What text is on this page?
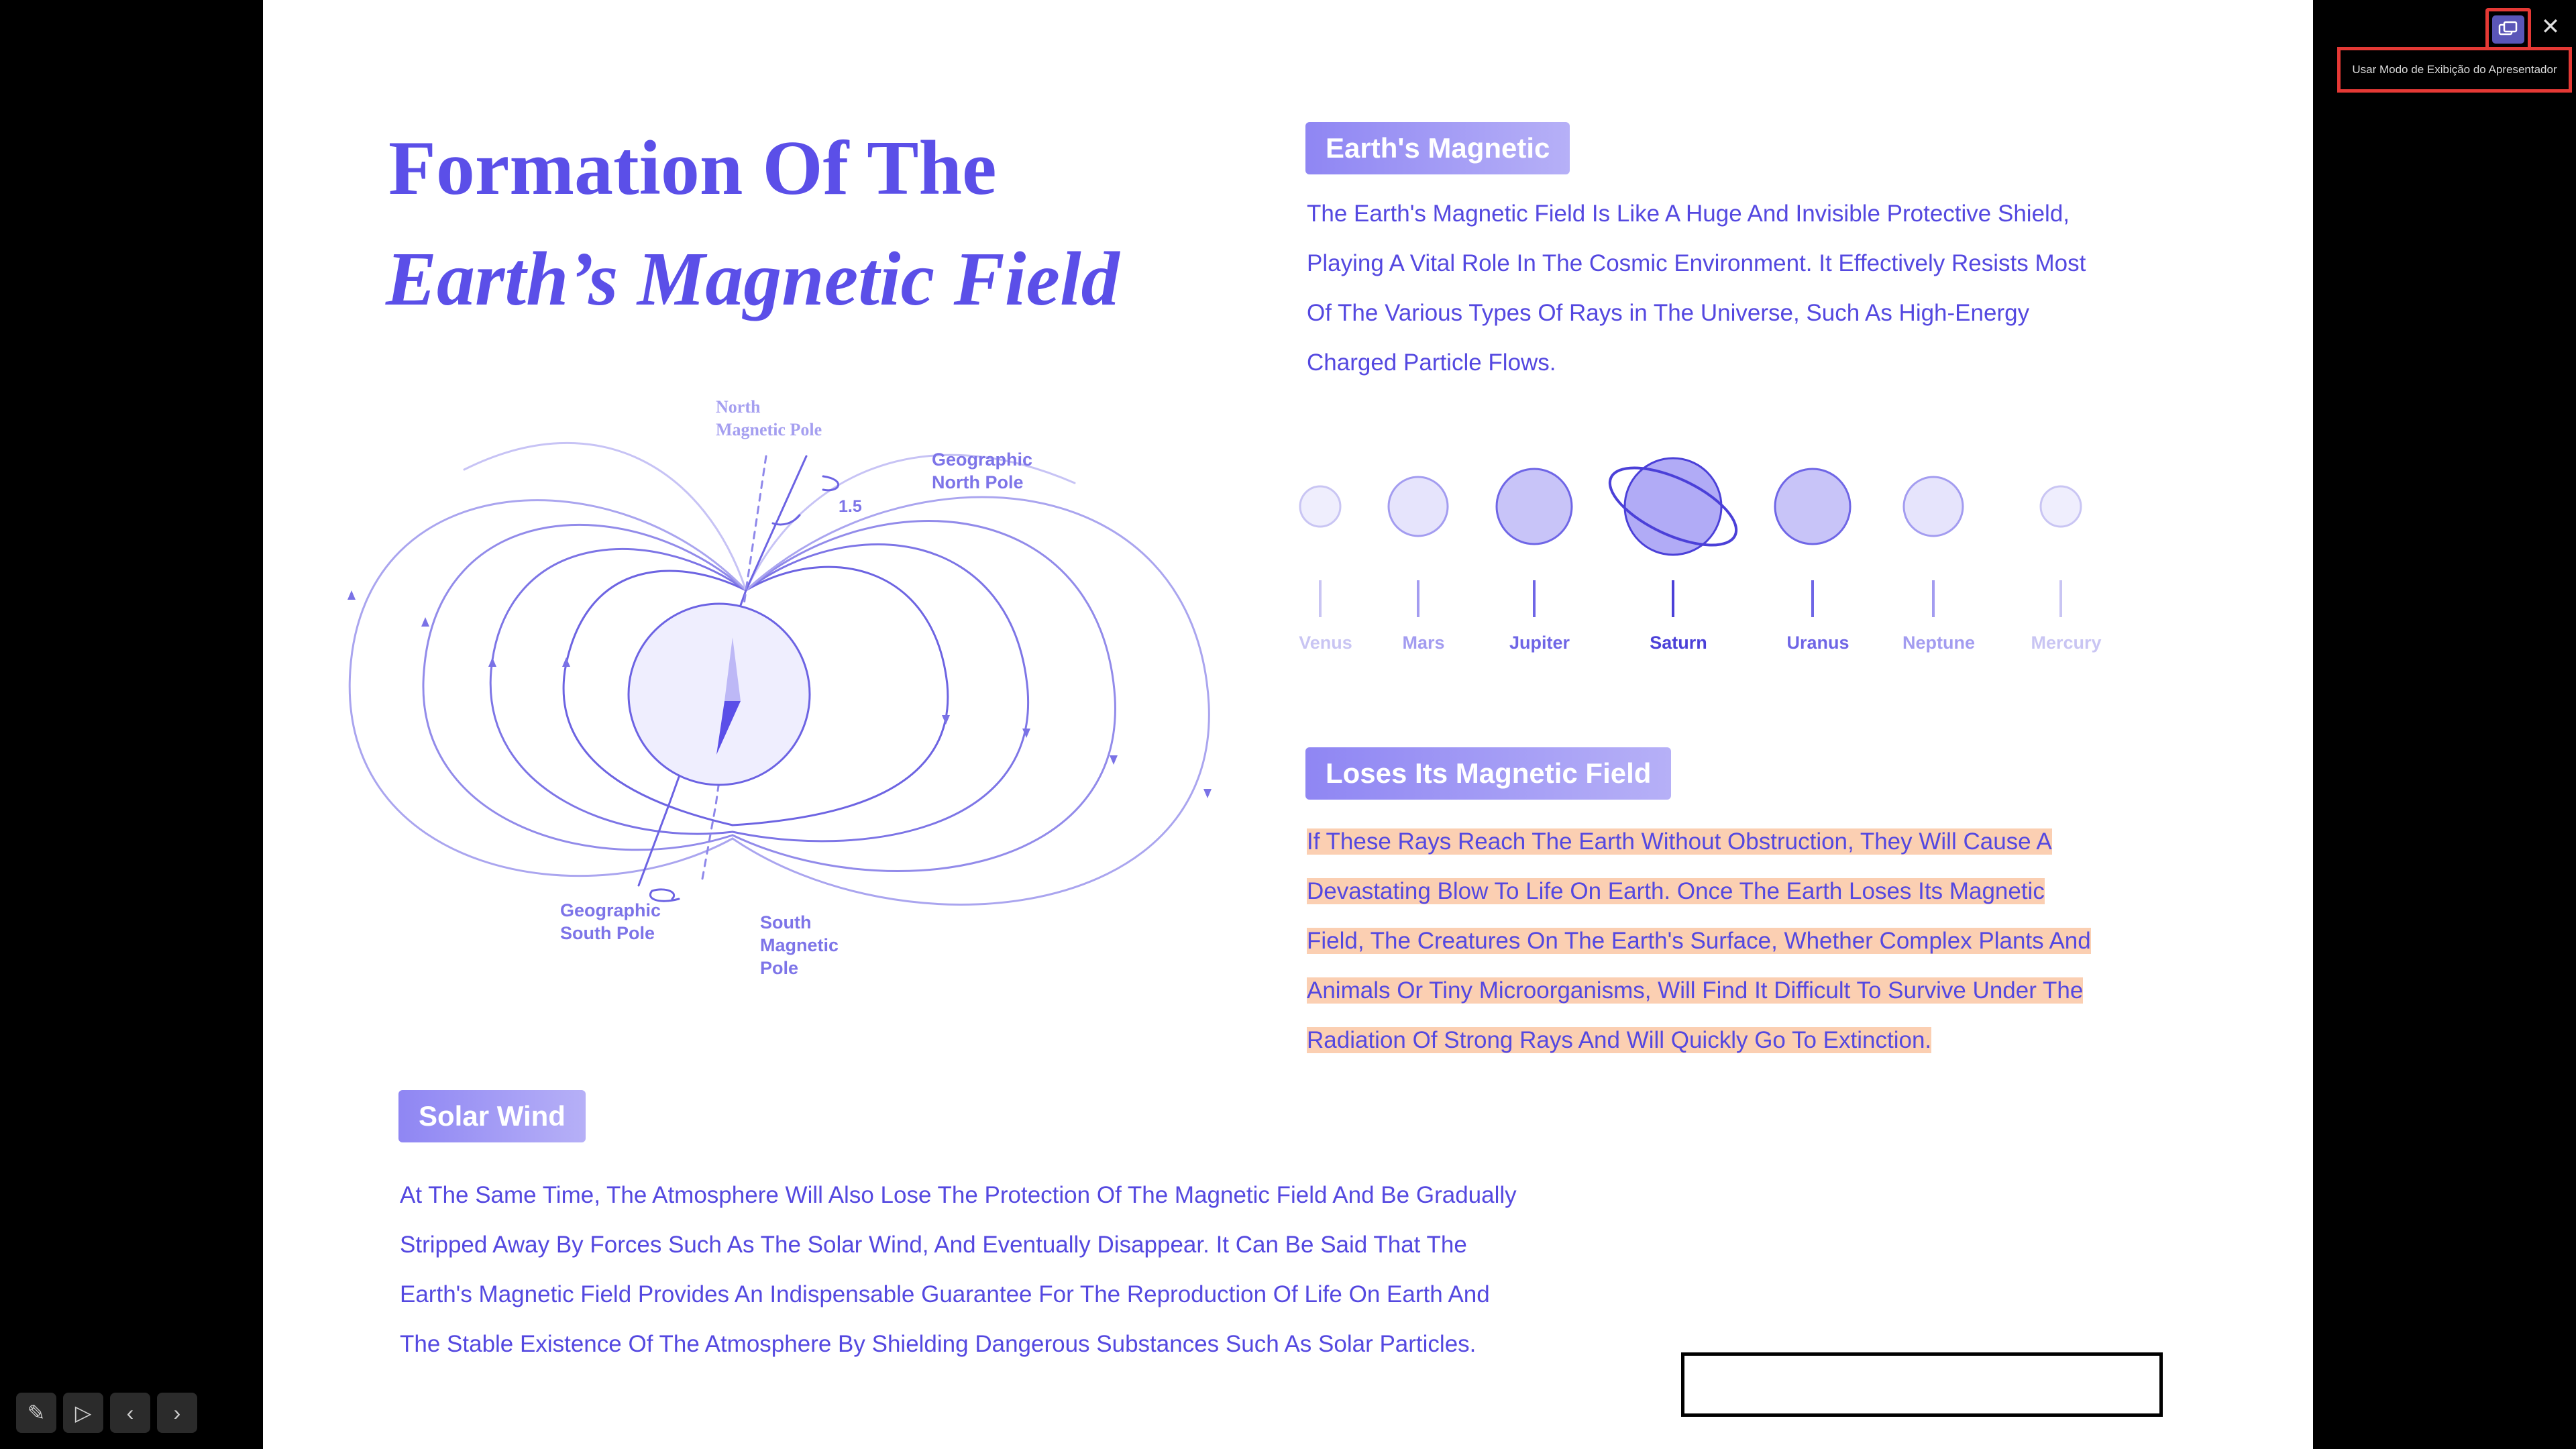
Formation Of The
Earth’s Magnetic Field
North
Magnetic Pole
Geographic
North Pole
1.5
Geographic
South Pole
South
Magnetic
Pole
Earth's Magnetic

The Earth's Magnetic Field Is Like A Huge And Invisible Protective Shield,

Playing A Vital Role In The Cosmic Environment. It Effectively Resists Most

Of The Various Types Of Rays in The Universe, Such As High-Energy

Charged Particle Flows.

Venus	Mars	Jupiter	Saturn	Uranus	Neptune	Mercury
Loses Its Magnetic Field

If These Rays Reach The Earth Without Obstruction, They Will Cause A

Devastating Blow To Life On Earth. Once The Earth Loses Its Magnetic

Field, The Creatures On The Earth's Surface, Whether Complex Plants And

Animals Or Tiny Microorganisms, Will Find It Difficult To Survive Under The

Radiation Of Strong Rays And Will Quickly Go To Extinction.

Solar Wind

At The Same Time, The Atmosphere Will Also Lose The Protection Of The Magnetic Field And Be Gradually

Stripped Away By Forces Such As The Solar Wind, And Eventually Disappear. It Can Be Said That The

Earth's Magnetic Field Provides An Indispensable Guarantee For The Reproduction Of Life On Earth And

The Stable Existence Of The Atmosphere By Shielding Dangerous Substances Such As Solar Particles.

✕
Usar Modo de Exibição do Apresentador
✎ ▷ ‹ ›
